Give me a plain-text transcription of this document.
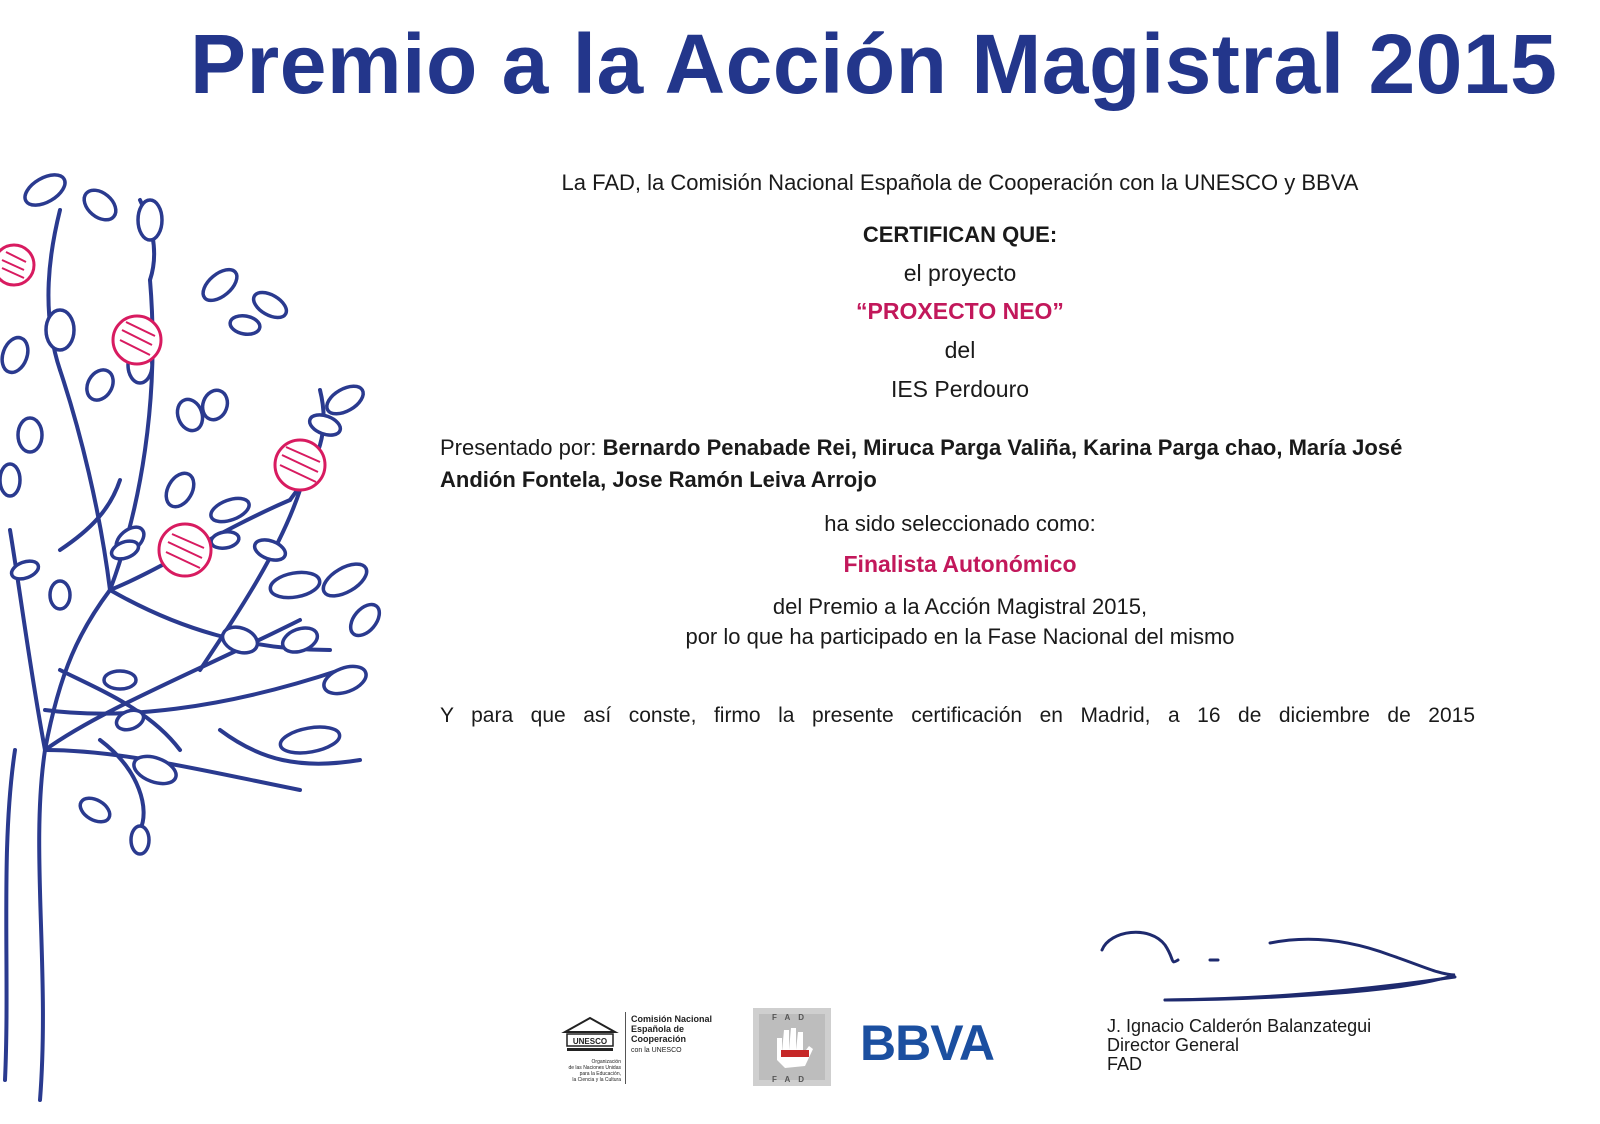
Premio a la Acción Magistral 2015
La FAD, la Comisión Nacional Española de Cooperación con la UNESCO y BBVA
CERTIFICAN QUE:
el proyecto
“PROXECTO NEO”
del
IES Perdouro
Presentado por: Bernardo Penabade Rei, Miruca Parga Valiña, Karina Parga chao, María José Andión Fontela, Jose Ramón Leiva Arrojo
ha sido seleccionado como:
Finalista Autonómico
del Premio a la Acción Magistral 2015,
por lo que ha participado en la Fase Nacional del mismo
Y para que así conste, firmo la presente certificación en Madrid, a 16 de diciembre de 2015
J. Ignacio Calderón Balanzategui
Director General
FAD
UNESCO
Organización
de las Naciones Unidas
para la Educación,
la Ciencia y la Cultura
Comisión Nacional Española de Cooperación
con la UNESCO
FAD
FAD
BBVA
